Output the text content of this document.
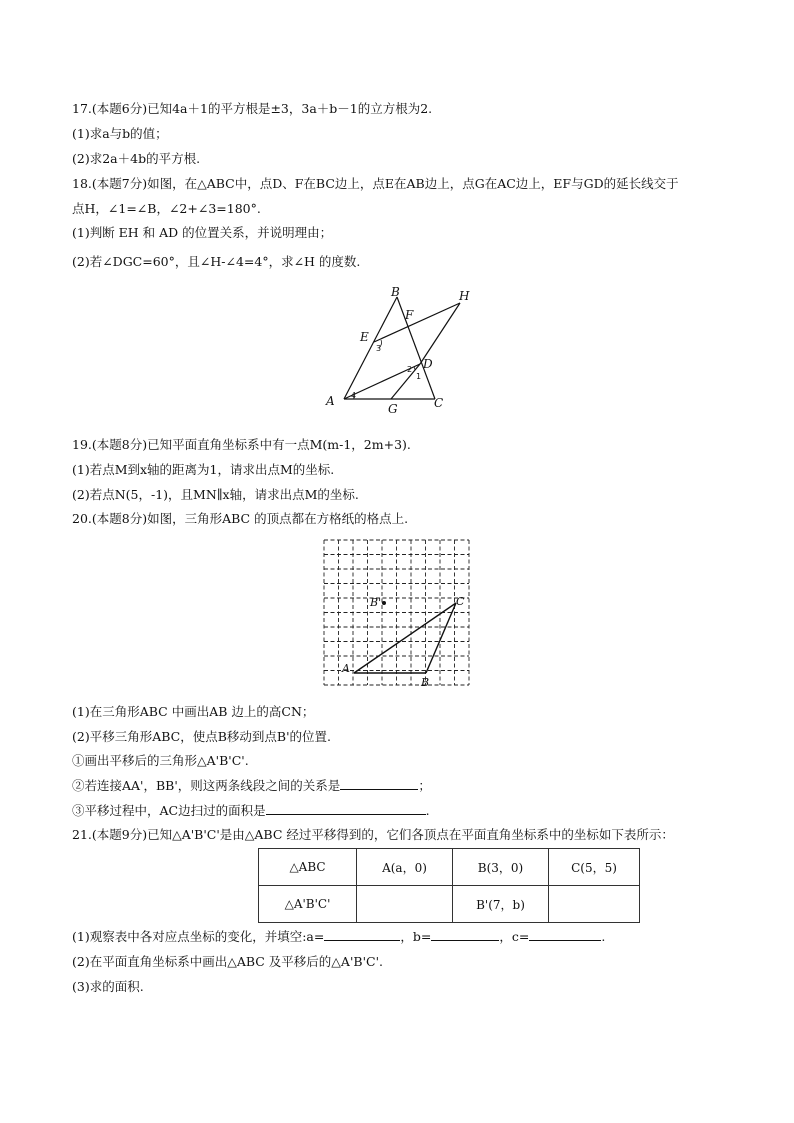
17.(本题6分)已知4a＋1的平方根是±3，3a＋b－1的立方根为2.
(1)求a与b的值；
(2)求2a＋4b的平方根.
18.(本题7分)如图，在△ABC中，点D、F在BC边上，点E在AB边上，点G在AC边上，EF与GD的延长线交于
点H，∠1=∠B，∠2+∠3=180°.
(1)判断 EH 和 AD 的位置关系，并说明理由；
(2)若∠DGC=60°，且∠H-∠4=4°，求∠H 的度数.
B	H
F
E
D
A
G	C
3
2
1
4
19.(本题8分)已知平面直角坐标系中有一点M(m-1，2m+3).
(1)若点M到x轴的距离为1，请求出点M的坐标.
(2)若点N(5，-1)，且MN∥x轴，请求出点M的坐标.
20.(本题8分)如图，三角形ABC 的顶点都在方格纸的格点上.
A
B
C
B'
(1)在三角形ABC 中画出AB 边上的高CN；
(2)平移三角形ABC，使点B移动到点B'的位置.
①画出平移后的三角形△A'B'C'.
②若连接AA'，BB'，则这两条线段之间的关系是	；
③平移过程中，AC边扫过的面积是	.
21.(本题9分)已知△A'B'C'是由△ABC 经过平移得到的，它们各顶点在平面直角坐标系中的坐标如下表所示：
△ABC	A(a，0)	B(3，0)	C(5，5)
△A'B'C'		B'(7，b)	
(1)观察表中各对应点坐标的变化，并填空:a=	，b=	，c=	.
(2)在平面直角坐标系中画出△ABC 及平移后的△A'B'C'.
(3)求的面积.
